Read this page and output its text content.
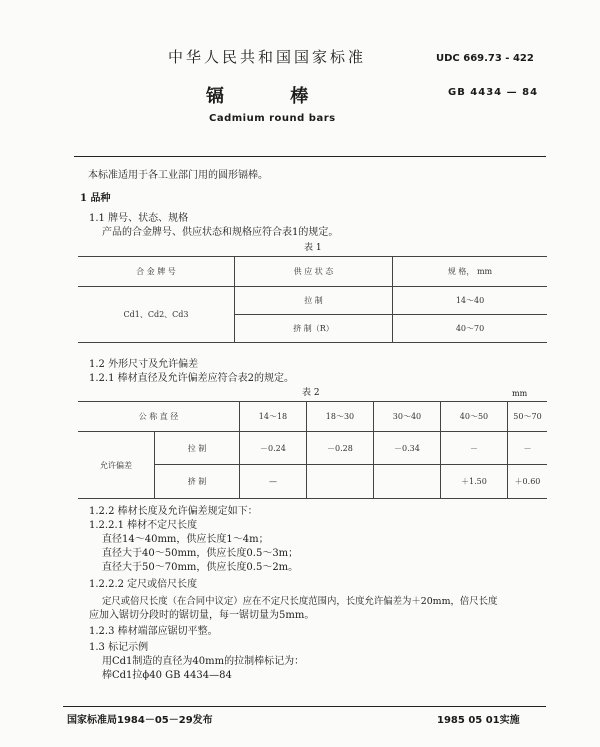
中华人民共和国国家标准	UDC 669.73 - 422
镉 棒	GB 4434 — 84
Cadmium round bars
本标准适用于各工业部门用的圆形镉棒。
1 品种
1.1 牌号、状态、规格
产品的合金牌号、供应状态和规格应符合表1的规定。
表 1
合 金 牌 号	供 应 状 态	规 格， mm
Cd1、Cd2、Cd3	拉 制	14～40
	挤 制（R）	40～70
1.2 外形尺寸及允许偏差
1.2.1 棒材直径及允许偏差应符合表2的规定。
表 2	mm
公 称 直 径		14～18	18～30	30～40	40～50	50～70
允许偏差	拉 制	－0.24	－0.28	－0.34	－	－
	挤 制	—			＋1.50	＋0.60
1.2.2 棒材长度及允许偏差规定如下：
1.2.2.1 棒材不定尺长度
直径14～40mm，供应长度1～4m；
直径大于40～50mm，供应长度0.5～3m；
直径大于50～70mm，供应长度0.5～2m。
1.2.2.2 定尺或倍尺长度
定尺或倍尺长度（在合同中议定）应在不定尺长度范围内，长度允许偏差为＋20mm，倍尺长度
应加入锯切分段时的锯切量，每一锯切量为5mm。
1.2.3 棒材端部应锯切平整。
1.3 标记示例
用Cd1制造的直径为40mm的拉制棒标记为：
棒Cd1拉ϕ40 GB 4434—84
国家标准局1984－05－29发布	1985 05 01实施
